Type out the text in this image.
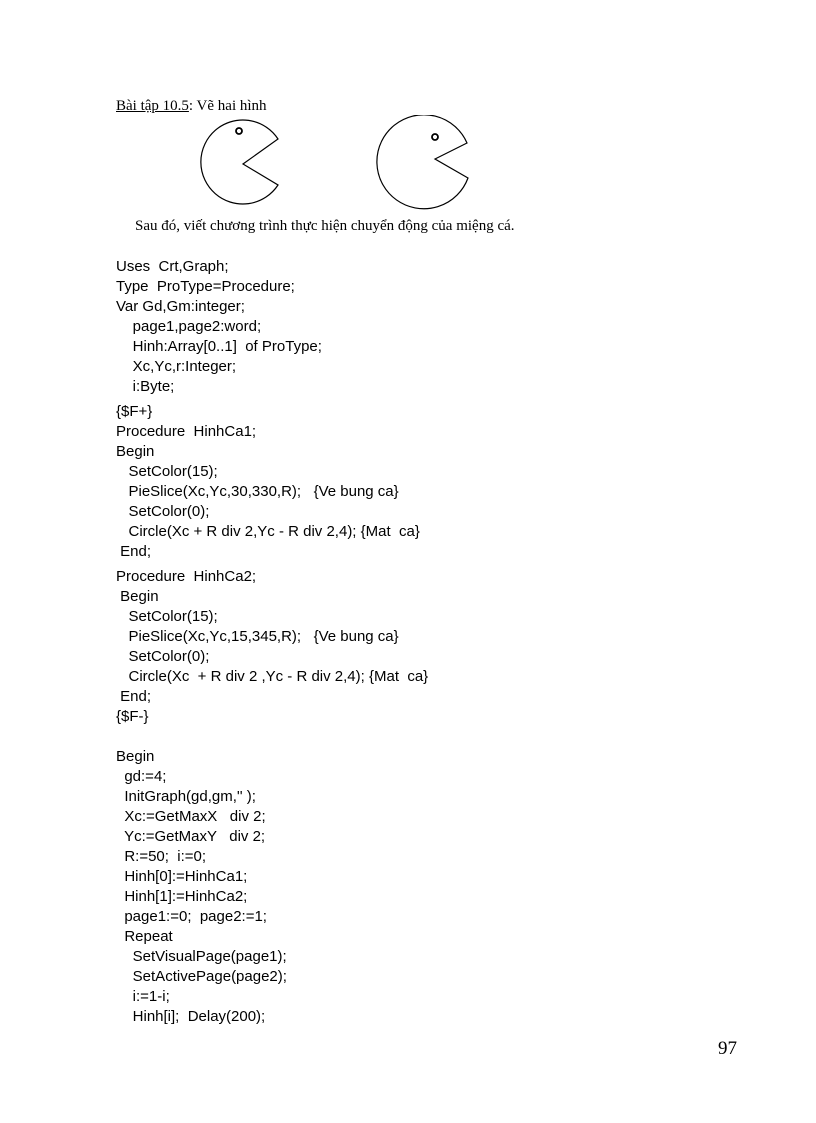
Bài tập 10.5: Vẽ hai hình
Sau đó, viết chương trình thực hiện chuyển động của miệng cá.
Uses  Crt,Graph;
Type  ProType=Procedure;
Var Gd,Gm:integer;
page1,page2:word;
Hinh:Array[0..1]  of ProType;
Xc,Yc,r:Integer;
i:Byte;
{$F+}
Procedure  HinhCa1;
Begin
SetColor(15);
PieSlice(Xc,Yc,30,330,R);   {Ve bung ca}
SetColor(0);
Circle(Xc + R div 2,Yc - R div 2,4); {Mat  ca}
End;
Procedure  HinhCa2;
Begin
SetColor(15);
PieSlice(Xc,Yc,15,345,R);   {Ve bung ca}
SetColor(0);
Circle(Xc  + R div 2 ,Yc - R div 2,4); {Mat  ca}
End;
{$F-}
Begin
gd:=4;
InitGraph(gd,gm,'' );
Xc:=GetMaxX   div 2;
Yc:=GetMaxY   div 2;
R:=50;  i:=0;
Hinh[0]:=HinhCa1;
Hinh[1]:=HinhCa2;
page1:=0;  page2:=1;
Repeat
SetVisualPage(page1);
SetActivePage(page2);
i:=1-i;
Hinh[i];  Delay(200);
97
